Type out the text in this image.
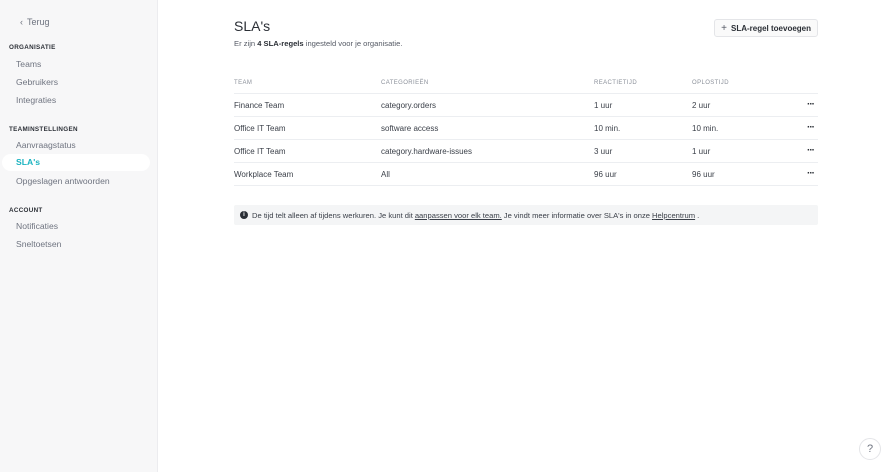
‹ Terug
ORGANISATIE
Teams
Gebruikers
Integraties
TEAMINSTELLINGEN
Aanvraagstatus
SLA's
Opgeslagen antwoorden
ACCOUNT
Notificaties
Sneltoetsen
SLA's
Er zijn 4 SLA-regels ingesteld voor je organisatie.
+ SLA-regel toevoegen
TEAM	CATEGORIEËN	REACTIETIJD	OPLOSTIJD
Finance Team	category.orders	1 uur	2 uur	···
Office IT Team	software access	10 min.	10 min.	···
Office IT Team	category.hardware-issues	3 uur	1 uur	···
Workplace Team	All	96 uur	96 uur	···
i De tijd telt alleen af tijdens werkuren. Je kunt dit aanpassen voor elk team. Je vindt meer informatie over SLA's in onze Helpcentrum .
?
